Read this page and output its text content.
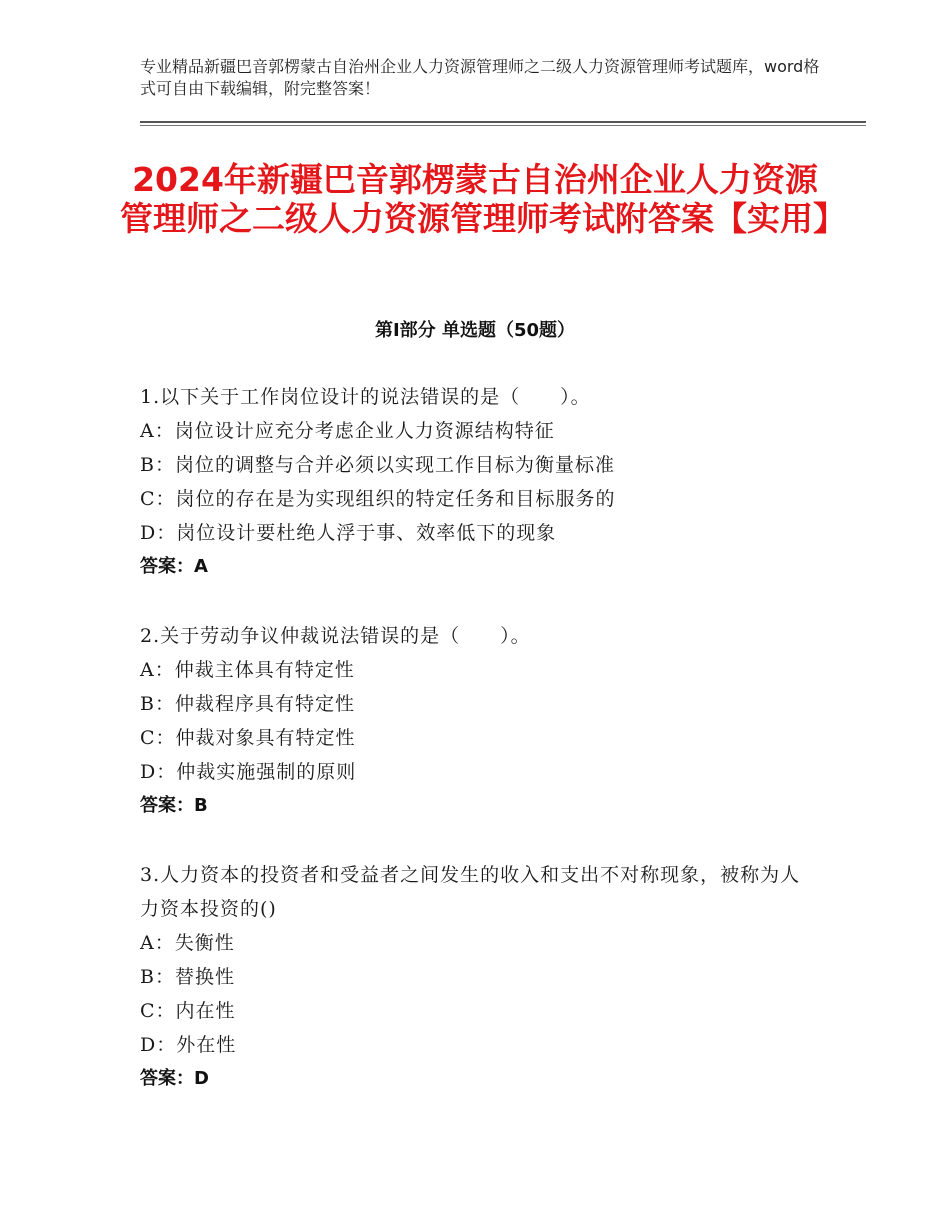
专业精品新疆巴音郭楞蒙古自治州企业人力资源管理师之二级人力资源管理师考试题库，word格式可自由下载编辑，附完整答案！
2024年新疆巴音郭楞蒙古自治州企业人力资源管理师之二级人力资源管理师考试附答案【实用】
第Ⅰ部分 单选题（50题）
1.以下关于工作岗位设计的说法错误的是（　　）。
A：岗位设计应充分考虑企业人力资源结构特征
B：岗位的调整与合并必须以实现工作目标为衡量标准
C：岗位的存在是为实现组织的特定任务和目标服务的
D：岗位设计要杜绝人浮于事、效率低下的现象
答案：A
2.关于劳动争议仲裁说法错误的是（　　）。
A：仲裁主体具有特定性
B：仲裁程序具有特定性
C：仲裁对象具有特定性
D：仲裁实施强制的原则
答案：B
3.人力资本的投资者和受益者之间发生的收入和支出不对称现象，被称为人力资本投资的()
A：失衡性
B：替换性
C：内在性
D：外在性
答案：D
